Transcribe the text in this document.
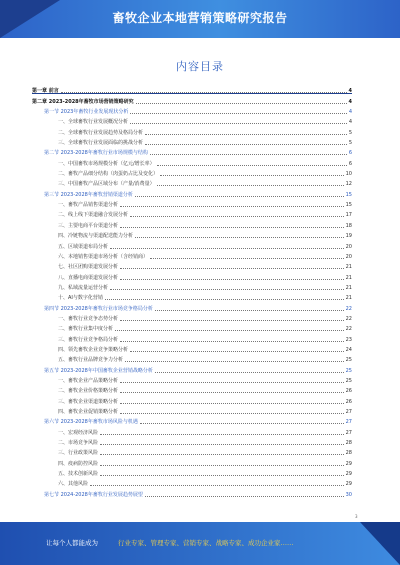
畜牧企业本地营销策略研究报告
内容目录
第一章 前言	4
第二章 2023-2028年畜牧市场营销策略研究	4
第一节 2023年畜牧行业发展现状分析	4
一、全球畜牧行业发展概况分析	4
二、全球畜牧行业发展趋势及格局分析	5
三、全球畜牧行业发展面临的挑战分析	5
第二节 2023-2028年畜牧行业市场规模与结构	6
一、中国畜牧市场规模分析（亿元/增长率）	6
二、畜牧产品细分结构（肉蛋奶占比及变化）	10
三、中国畜牧产品区域分布（产量/消费量）	12
第三节 2023-2028年畜牧营销渠道分析	15
一、畜牧产品销售渠道分析	15
二、线上线下渠道融合发展分析	17
三、主要电商平台渠道分析	18
四、冷链物流与渠道配送能力分析	19
五、区域渠道布局分析	20
六、本地销售渠道市场分析（含经销商）	20
七、社区团购渠道发展分析	21
八、直播电商渠道发展分析	21
九、私域流量运营分析	21
十、AI与数字化营销	21
第四节 2023-2028年畜牧行业市场竞争格局分析	22
一、畜牧行业竞争态势分析	22
二、畜牧行业集中度分析	22
三、畜牧行业竞争格局分析	23
四、领先畜牧企业竞争策略分析	24
五、畜牧行业品牌竞争力分析	25
第五节 2023-2028年中国畜牧企业营销战略分析	25
一、畜牧企业产品策略分析	25
二、畜牧企业价格策略分析	26
三、畜牧企业渠道策略分析	26
四、畜牧企业促销策略分析	27
第六节 2023-2028年畜牧市场风险与机遇	27
一、宏观经济风险	27
二、市场竞争风险	28
三、行业政策风险	28
四、疫病防控风险	29
五、技术创新风险	29
六、其他风险	29
第七节 2024-2028年畜牧行业发展趋势展望	30
3
让每个人都能成为	行业专家、管理专家、营销专家、战略专家、成功企业家……
